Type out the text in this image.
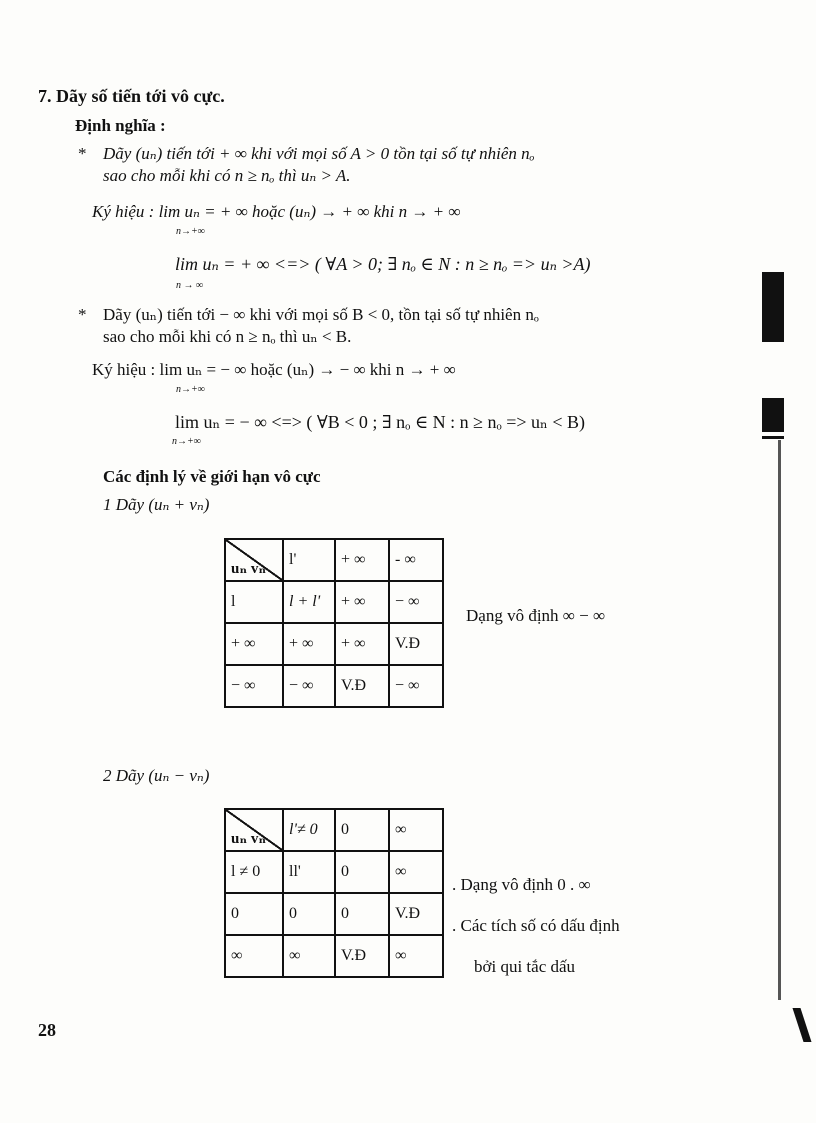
7. Dãy số tiến tới vô cực.
Định nghĩa :
* Dãy (uₙ) tiến tới + ∞ khi với mọi số A > 0 tồn tại số tự nhiên nₒ
sao cho mỗi khi có n ≥ nₒ thì uₙ > A.
Ký hiệu : lim uₙ = + ∞ hoặc (uₙ) → + ∞ khi n → + ∞
n→+∞
lim uₙ = + ∞ <=> ( ∀A > 0; ∃ nₒ ∈ N : n ≥ nₒ => uₙ >A)
n → ∞
* Dãy (uₙ) tiến tới − ∞ khi với mọi số B < 0, tồn tại số tự nhiên nₒ
sao cho mỗi khi có n ≥ nₒ thì uₙ < B.
Ký hiệu : lim uₙ = − ∞ hoặc (uₙ) → − ∞ khi n → + ∞
n→+∞
lim uₙ = − ∞ <=> ( ∀B < 0 ; ∃ nₒ ∈ N : n ≥ nₒ => uₙ < B)
n→+∞
Các định lý về giới hạn vô cực
1 Dãy (uₙ + vₙ)
uₙ vₙ	l'	+ ∞	- ∞
l	l + l'	+ ∞	− ∞
+ ∞	+ ∞	+ ∞	V.Đ
− ∞	− ∞	V.Đ	− ∞
Dạng vô định ∞ − ∞
2 Dãy (uₙ − vₙ)
uₙ vₙ	l'≠ 0	0	∞
l ≠ 0	ll'	0	∞
0	0	0	V.Đ
∞	∞	V.Đ	∞
. Dạng vô định 0 . ∞
. Các tích số có dấu định
bởi qui tắc dấu
28
